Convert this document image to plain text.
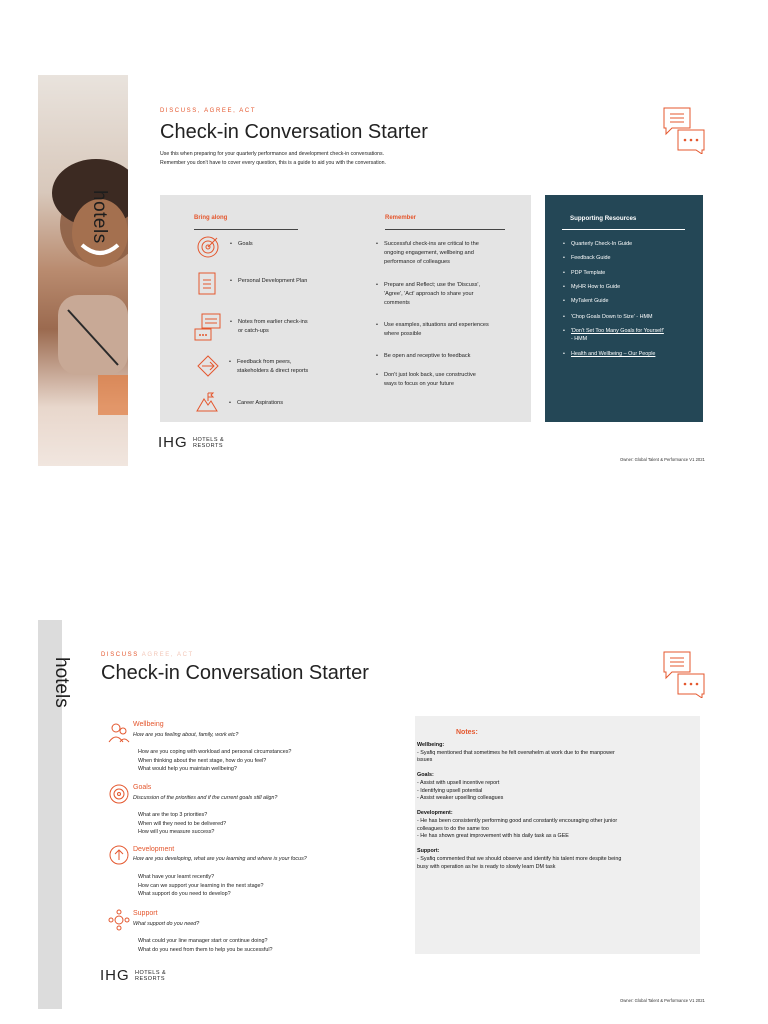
hotels
DISCUSS, AGREE, ACT
Check-in Conversation Starter
Use this when preparing for your quarterly performance and development check-in conversations.
Remember you don't have to cover every question, this is a guide to aid you with the conversation.
Bring along	Remember
• Goals
• Personal Development Plan
• Notes from earlier check-ins
or catch-ups
• Feedback from peers,
stakeholders & direct reports
• Career Aspirations
• Successful check-ins are critical to the
ongoing engagement, wellbeing and
performance of colleagues
• Prepare and Reflect; use the 'Discuss',
'Agree', 'Act' approach to share your
comments
• Use examples, situations and experiences
where possible
• Be open and receptive to feedback
• Don't just look back, use constructive
ways to focus on your future
Supporting Resources
• Quarterly Check-In Guide
• Feedback Guide
• PDP Template
• MyHR How to Guide
• MyTalent Guide
• 'Chop Goals Down to Size' - HMM
• 'Don't Set Too Many Goals for Yourself'
- HMM
• Health and Wellbeing – Our People
IHG HOTELS &
RESORTS
Owner: Global Talent & Performance V1 2021
hotels
DISCUSS AGREE, ACT
Check-in Conversation Starter
Wellbeing
How are you feeling about, family, work etc?
How are you coping with workload and personal circumstances?
When thinking about the next stage, how do you feel?
What would help you maintain wellbeing?
Goals
Discussion of the priorities and if the current goals still align?
What are the top 3 priorities?
When will they need to be delivered?
How will you measure success?
Development
How are you developing, what are you learning and where is your focus?
What have your learnt recently?
How can we support your learning in the next stage?
What support do you need to develop?
Support
What support do you need?
What could your line manager start or continue doing?
What do you need from them to help you be successful?
Notes:
Wellbeing:
- Syafiq mentioned that sometimes he felt overwhelm at work due to the manpower
issues
Goals:
- Assist with upsell incentive report
- Identifying upsell potential
- Assist weaker upselling colleagues
Development:
- He has been consistently performing good and constantly encouraging other junior
colleagues to do the same too
- He has shown great improvement with his daily task as a GEE
Support:
- Syafiq commented that we should observe and identify his talent more despite being
busy with operation as he is ready to slowly learn DM task
IHG HOTELS &
RESORTS
Owner: Global Talent & Performance V1 2021
